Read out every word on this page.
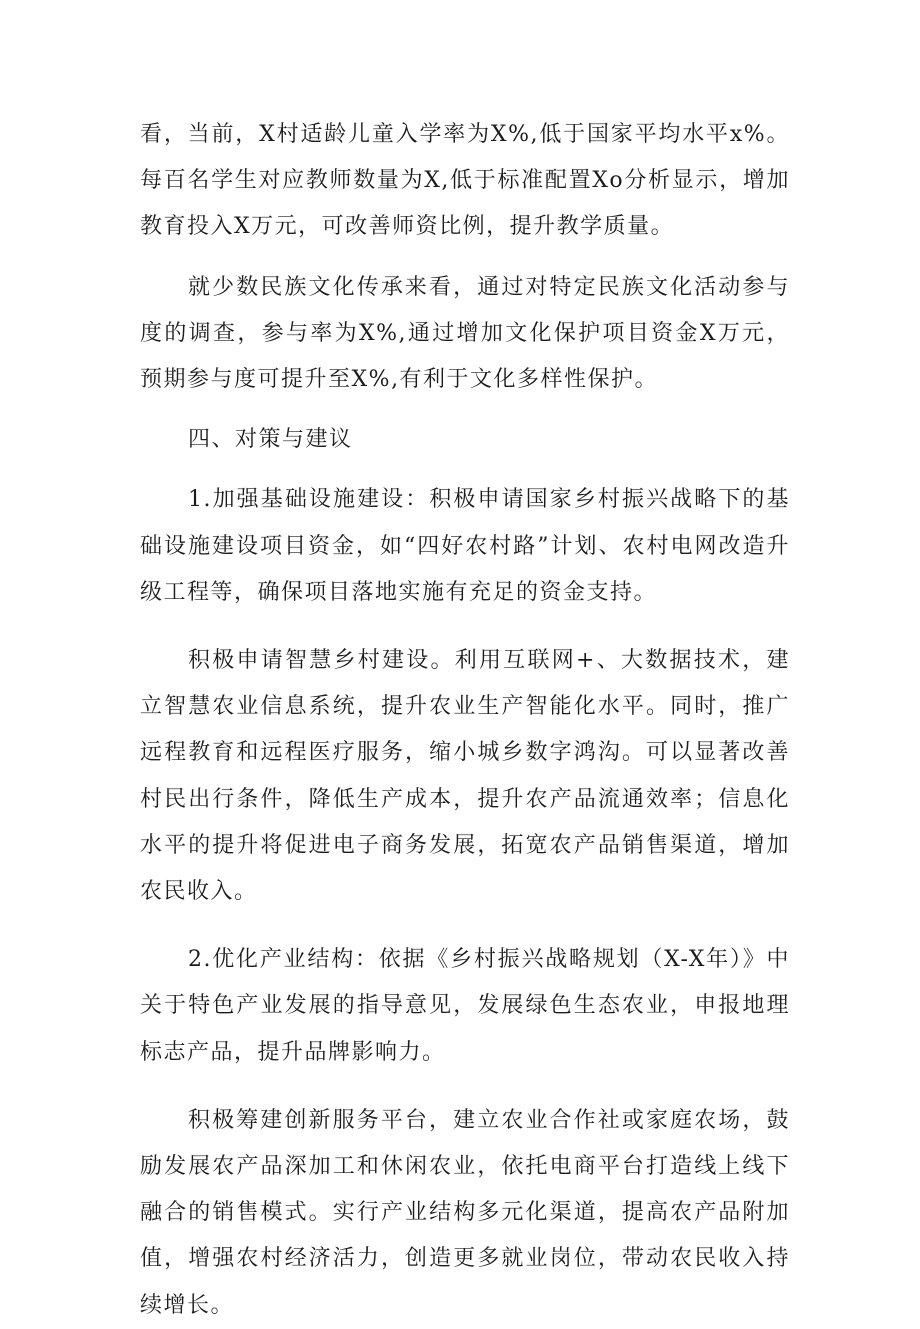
看，当前，X村适龄儿童入学率为X%,低于国家平均水平x%。每百名学生对应教师数量为X,低于标准配置Xo分析显示，增加教育投入X万元，可改善师资比例，提升教学质量。

就少数民族文化传承来看，通过对特定民族文化活动参与度的调查，参与率为X%,通过增加文化保护项目资金X万元，预期参与度可提升至X%,有利于文化多样性保护。

四、对策与建议

1.加强基础设施建设：积极申请国家乡村振兴战略下的基础设施建设项目资金，如“四好农村路”计划、农村电网改造升级工程等，确保项目落地实施有充足的资金支持。

积极申请智慧乡村建设。利用互联网+、大数据技术，建立智慧农业信息系统，提升农业生产智能化水平。同时，推广远程教育和远程医疗服务，缩小城乡数字鸿沟。可以显著改善村民出行条件，降低生产成本，提升农产品流通效率；信息化水平的提升将促进电子商务发展，拓宽农产品销售渠道，增加农民收入。

2.优化产业结构：依据《乡村振兴战略规划（X-X年）》中关于特色产业发展的指导意见，发展绿色生态农业，申报地理标志产品，提升品牌影响力。

积极筹建创新服务平台，建立农业合作社或家庭农场，鼓励发展农产品深加工和休闲农业，依托电商平台打造线上线下融合的销售模式。实行产业结构多元化渠道，提高农产品附加值，增强农村经济活力，创造更多就业岗位，带动农民收入持续增长。
